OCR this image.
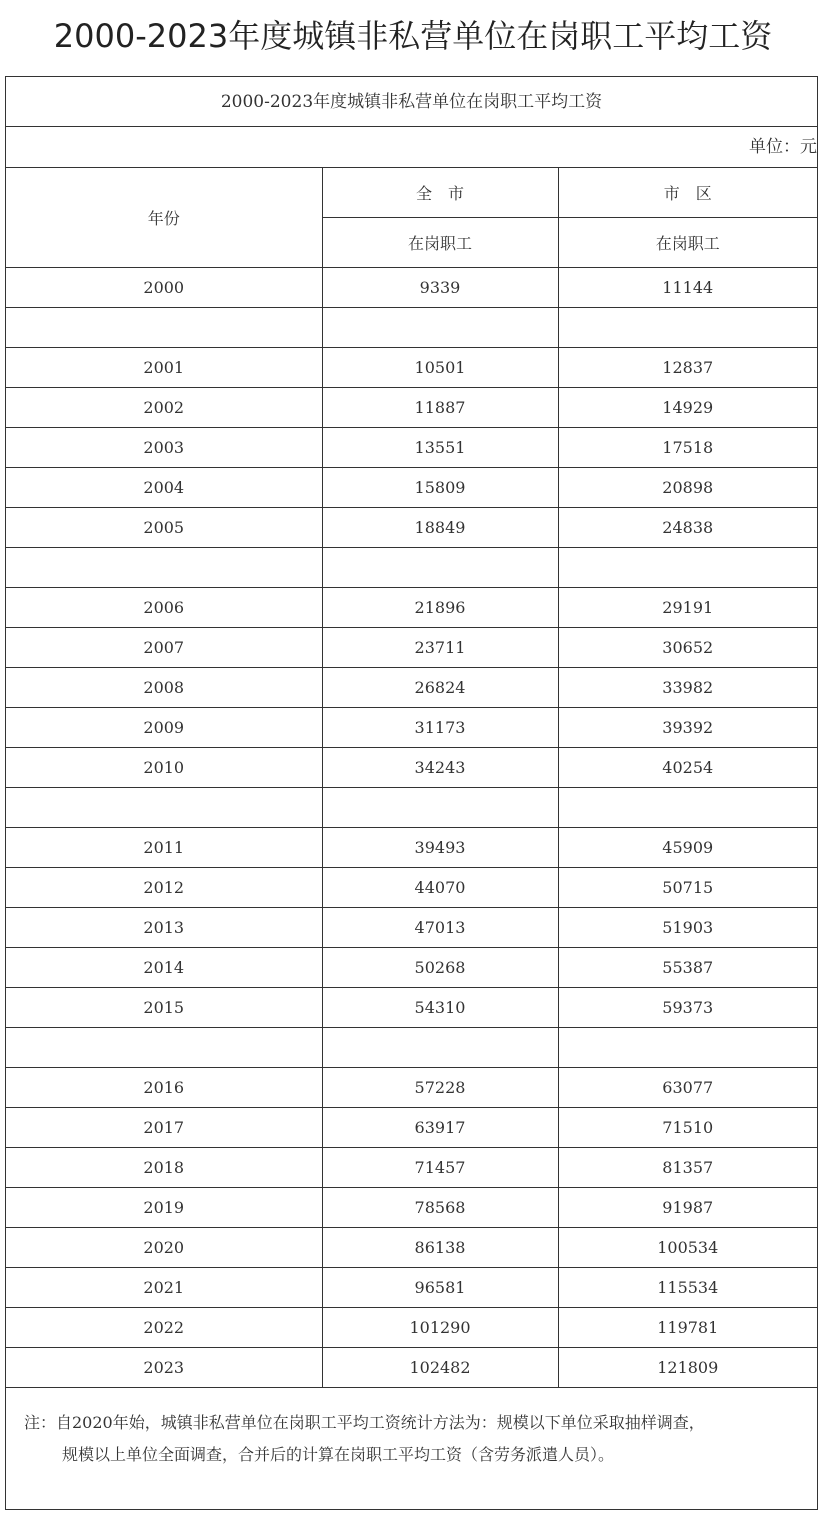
2000-2023年度城镇非私营单位在岗职工平均工资
2000-2023年度城镇非私营单位在岗职工平均工资
单位：元
年份	全　市	市　区
	在岗职工	在岗职工
2000	9339	11144

2001	10501	12837
2002	11887	14929
2003	13551	17518
2004	15809	20898
2005	18849	24838

2006	21896	29191
2007	23711	30652
2008	26824	33982
2009	31173	39392
2010	34243	40254

2011	39493	45909
2012	44070	50715
2013	47013	51903
2014	50268	55387
2015	54310	59373

2016	57228	63077
2017	63917	71510
2018	71457	81357
2019	78568	91987
2020	86138	100534
2021	96581	115534
2022	101290	119781
2023	102482	121809
注：自2020年始，城镇非私营单位在岗职工平均工资统计方法为：规模以下单位采取抽样调查，
规模以上单位全面调查，合并后的计算在岗职工平均工资（含劳务派遣人员）。
